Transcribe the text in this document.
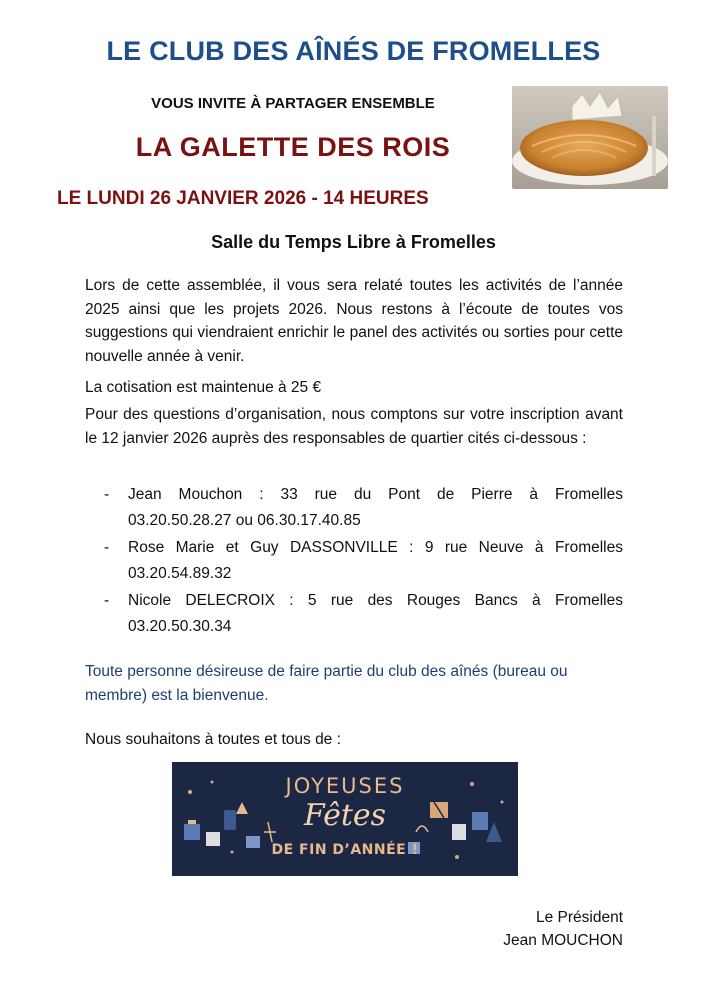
LE CLUB DES AÎNÉS DE FROMELLES
VOUS INVITE À PARTAGER ENSEMBLE
LA GALETTE DES ROIS
LE LUNDI 26 JANVIER 2026 - 14 HEURES
Salle du Temps Libre à Fromelles
Lors de cette assemblée, il vous sera relaté toutes les activités de l’année 2025 ainsi que les projets 2026. Nous restons à l’écoute de toutes vos suggestions qui viendraient enrichir le panel des activités ou sorties pour cette nouvelle année à venir.
La cotisation est maintenue à 25 €
Pour des questions d’organisation, nous comptons sur votre inscription avant le 12 janvier 2026 auprès des responsables de quartier cités ci-dessous :
- Jean Mouchon : 33 rue du Pont de Pierre à Fromelles
03.20.50.28.27 ou 06.30.17.40.85
- Rose Marie et Guy DASSONVILLE : 9 rue Neuve à Fromelles
03.20.54.89.32
- Nicole DELECROIX : 5 rue des Rouges Bancs à Fromelles
03.20.50.30.34
Toute personne désireuse de faire partie du club des aînés (bureau ou membre) est la bienvenue.
Nous souhaitons à toutes et tous de :
JOYEUSES
Fêtes
DE FIN D’ANNÉE !
Le Président
Jean MOUCHON
